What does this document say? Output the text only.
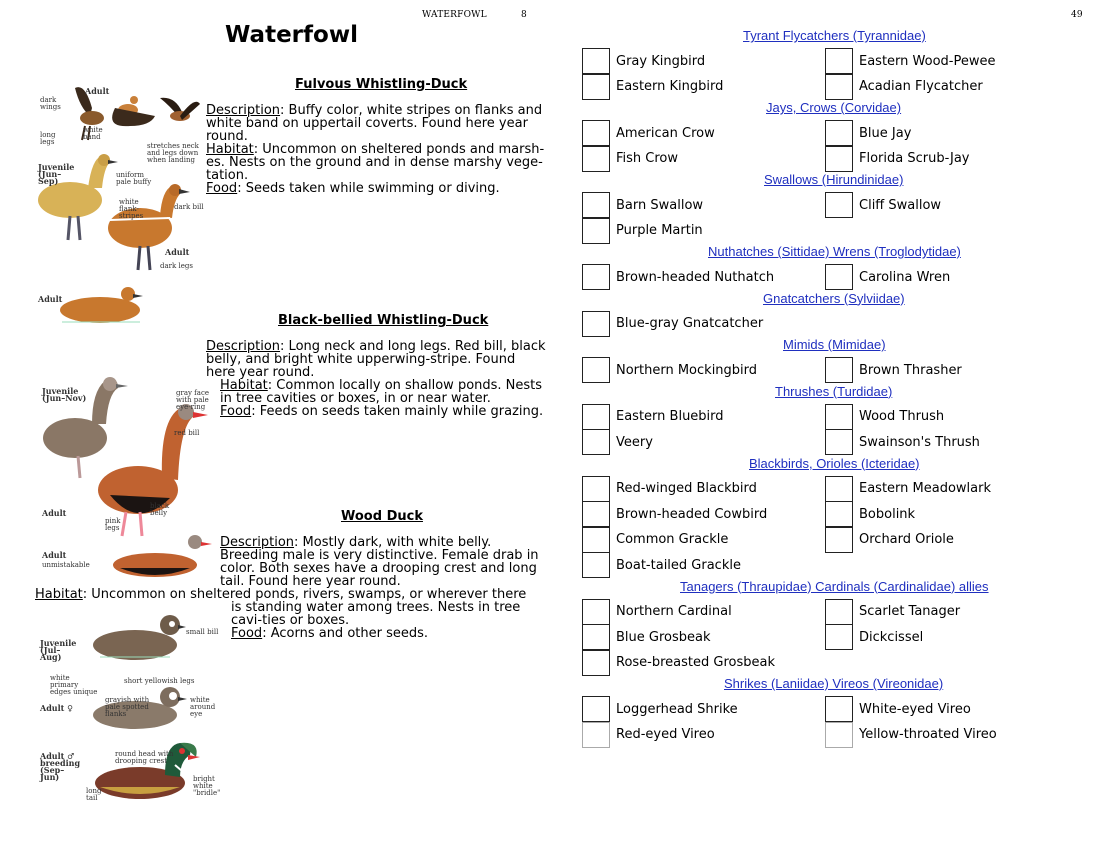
WATERFOWL	8	49
Waterfowl
Adult
dark wings
long legs
white band
stretches neck and legs down when landing
Juvenile (Jun–Sep)
uniform pale buffy
white flank-stripes
dark bill
Adult
dark legs
Adult
Fulvous Whistling-Duck

Description: Buffy color, white stripes on flanks and white band on uppertail coverts. Found here year round.

Habitat: Uncommon on sheltered ponds and marsh-es. Nests on the ground and in dense marshy vege-tation.

Food: Seeds taken while swimming or diving.

Juvenile (Jun–Nov)	gray face with pale eye-ring
red bill
black belly
pink legs
Adult
Adult
unmistakable
Black-bellied Whistling-Duck

Description: Long neck and long legs. Red bill, black belly, and bright white upperwing-stripe. Found here year round.

Habitat: Common locally on shallow ponds. Nests in tree cavities or boxes, in or near water.

Food: Feeds on seeds taken mainly while grazing.

small bill
Juvenile (Jul–Aug)
white primary edges unique
short yellowish legs
grayish with pale spotted flanks
white around eye
Adult ♀
round head with drooping crest
Adult ♂ breeding (Sep–Jun)	bright white "bridle"
long tail
Wood Duck

Description: Mostly dark, with white belly. Breeding male is very distinctive. Female drab in color. Both sexes have a drooping crest and long tail. Found here year round.

Habitat: Uncommon on sheltered ponds, rivers, swamps, or wherever there is standing water among trees. Nests in tree cavi-ties or boxes.

Food: Acorns and other seeds.

Tyrant Flycatchers (Tyrannidae)
Gray Kingbird	Eastern Wood-Pewee
Eastern Kingbird	Acadian Flycatcher
Jays, Crows (Corvidae)
American Crow	Blue Jay
Fish Crow	Florida Scrub-Jay
Swallows (Hirundinidae)
Barn Swallow	Cliff Swallow
Purple Martin
Nuthatches (Sittidae) Wrens (Troglodytidae)
Brown-headed Nuthatch	Carolina Wren
Gnatcatchers (Sylviidae)
Blue-gray Gnatcatcher
Mimids (Mimidae)
Northern Mockingbird	Brown Thrasher
Thrushes (Turdidae)
Eastern Bluebird	Wood Thrush
Veery	Swainson's Thrush
Blackbirds, Orioles (Icteridae)
Red-winged Blackbird	Eastern Meadowlark
Brown-headed Cowbird	Bobolink
Common Grackle	Orchard Oriole
Boat-tailed Grackle
Tanagers (Thraupidae) Cardinals (Cardinalidae) allies
Northern Cardinal	Scarlet Tanager
Blue Grosbeak	Dickcissel
Rose-breasted Grosbeak
Shrikes (Laniidae) Vireos (Vireonidae)
Loggerhead Shrike	White-eyed Vireo
Red-eyed Vireo	Yellow-throated Vireo
